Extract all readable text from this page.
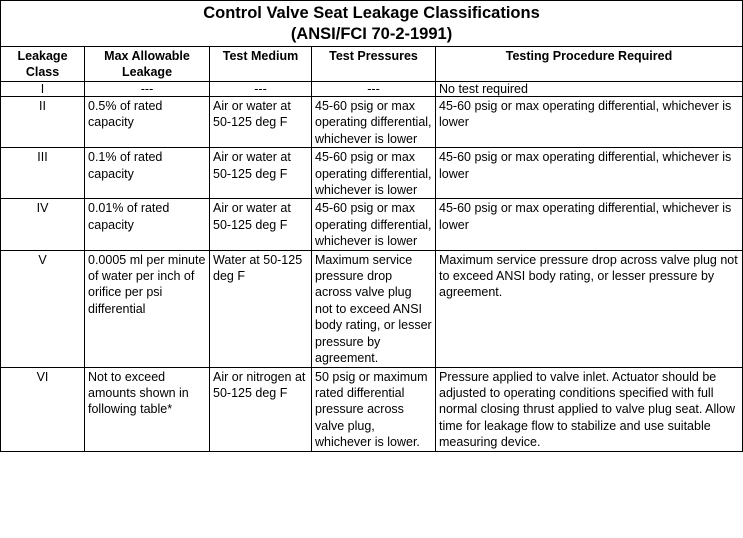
Control Valve Seat Leakage Classifications
(ANSI/FCI 70-2-1991)				

Leakage Class	Max Allowable Leakage	Test Medium	Test Pressures	Testing Procedure Required
I	---	---	---	No test required
II	0.5% of rated capacity	Air or water at 50-125 deg F	45-60 psig or max operating differential, whichever is lower	45-60 psig or max operating differential, whichever is lower
III	0.1% of rated capacity	Air or water at 50-125 deg F	45-60 psig or max operating differential, whichever is lower	45-60 psig or max operating differential, whichever is lower
IV	0.01% of rated capacity	Air or water at 50-125 deg F	45-60 psig or max operating differential, whichever is lower	45-60 psig or max operating differential, whichever is lower
V	0.0005 ml per minute of water per inch of orifice per psi differential	Water at 50-125 deg F	Maximum service pressure drop across valve plug not to exceed ANSI body rating, or lesser pressure by agreement.	Maximum service pressure drop across valve plug not to exceed ANSI body rating, or lesser pressure by agreement.
VI	Not to exceed amounts shown in following table*	Air or nitrogen at 50-125 deg F	50 psig or maximum rated differential pressure across valve plug, whichever is lower.	Pressure applied to valve inlet. Actuator should be adjusted to operating conditions specified with full normal closing thrust applied to valve plug seat. Allow time for leakage flow to stabilize and use suitable measuring device.
